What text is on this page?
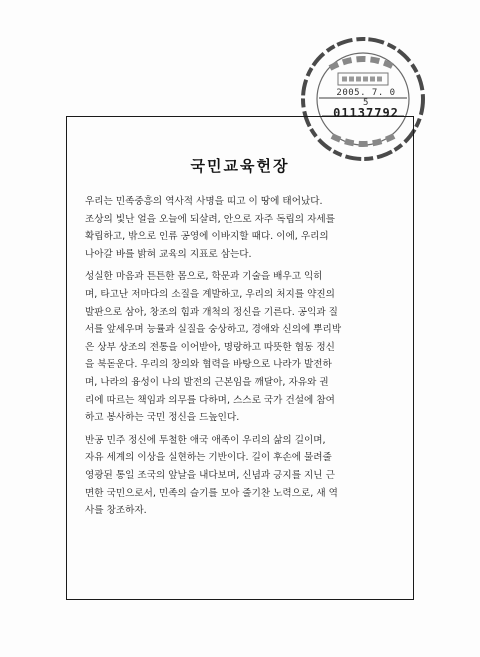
2005. 7. 0 5
01137792
국민교육헌장

우리는 민족중흥의 역사적 사명을 띠고 이 땅에 태어났다.
조상의 빛난 얼을 오늘에 되살려, 안으로 자주 독립의 자세를
확립하고, 밖으로 인류 공영에 이바지할 때다. 이에, 우리의
나아갈 바를 밝혀 교육의 지표로 삼는다.

성실한 마음과 튼튼한 몸으로, 학문과 기술을 배우고 익히
며, 타고난 저마다의 소질을 계발하고, 우리의 처지를 약진의
발판으로 삼아, 창조의 힘과 개척의 정신을 기른다. 공익과 질
서를 앞세우며 능률과 실질을 숭상하고, 경애와 신의에 뿌리박
은 상부 상조의 전통을 이어받아, 명랑하고 따뜻한 협동 정신
을 북돋운다. 우리의 창의와 협력을 바탕으로 나라가 발전하
며, 나라의 융성이 나의 발전의 근본임을 깨달아, 자유와 권
리에 따르는 책임과 의무를 다하며, 스스로 국가 건설에 참여
하고 봉사하는 국민 정신을 드높인다.

반공 민주 정신에 투철한 애국 애족이 우리의 삶의 길이며,
자유 세계의 이상을 실현하는 기반이다. 길이 후손에 물려줄
영광된 통일 조국의 앞날을 내다보며, 신념과 긍지를 지닌 근
면한 국민으로서, 민족의 슬기를 모아 줄기찬 노력으로, 새 역
사를 창조하자.
